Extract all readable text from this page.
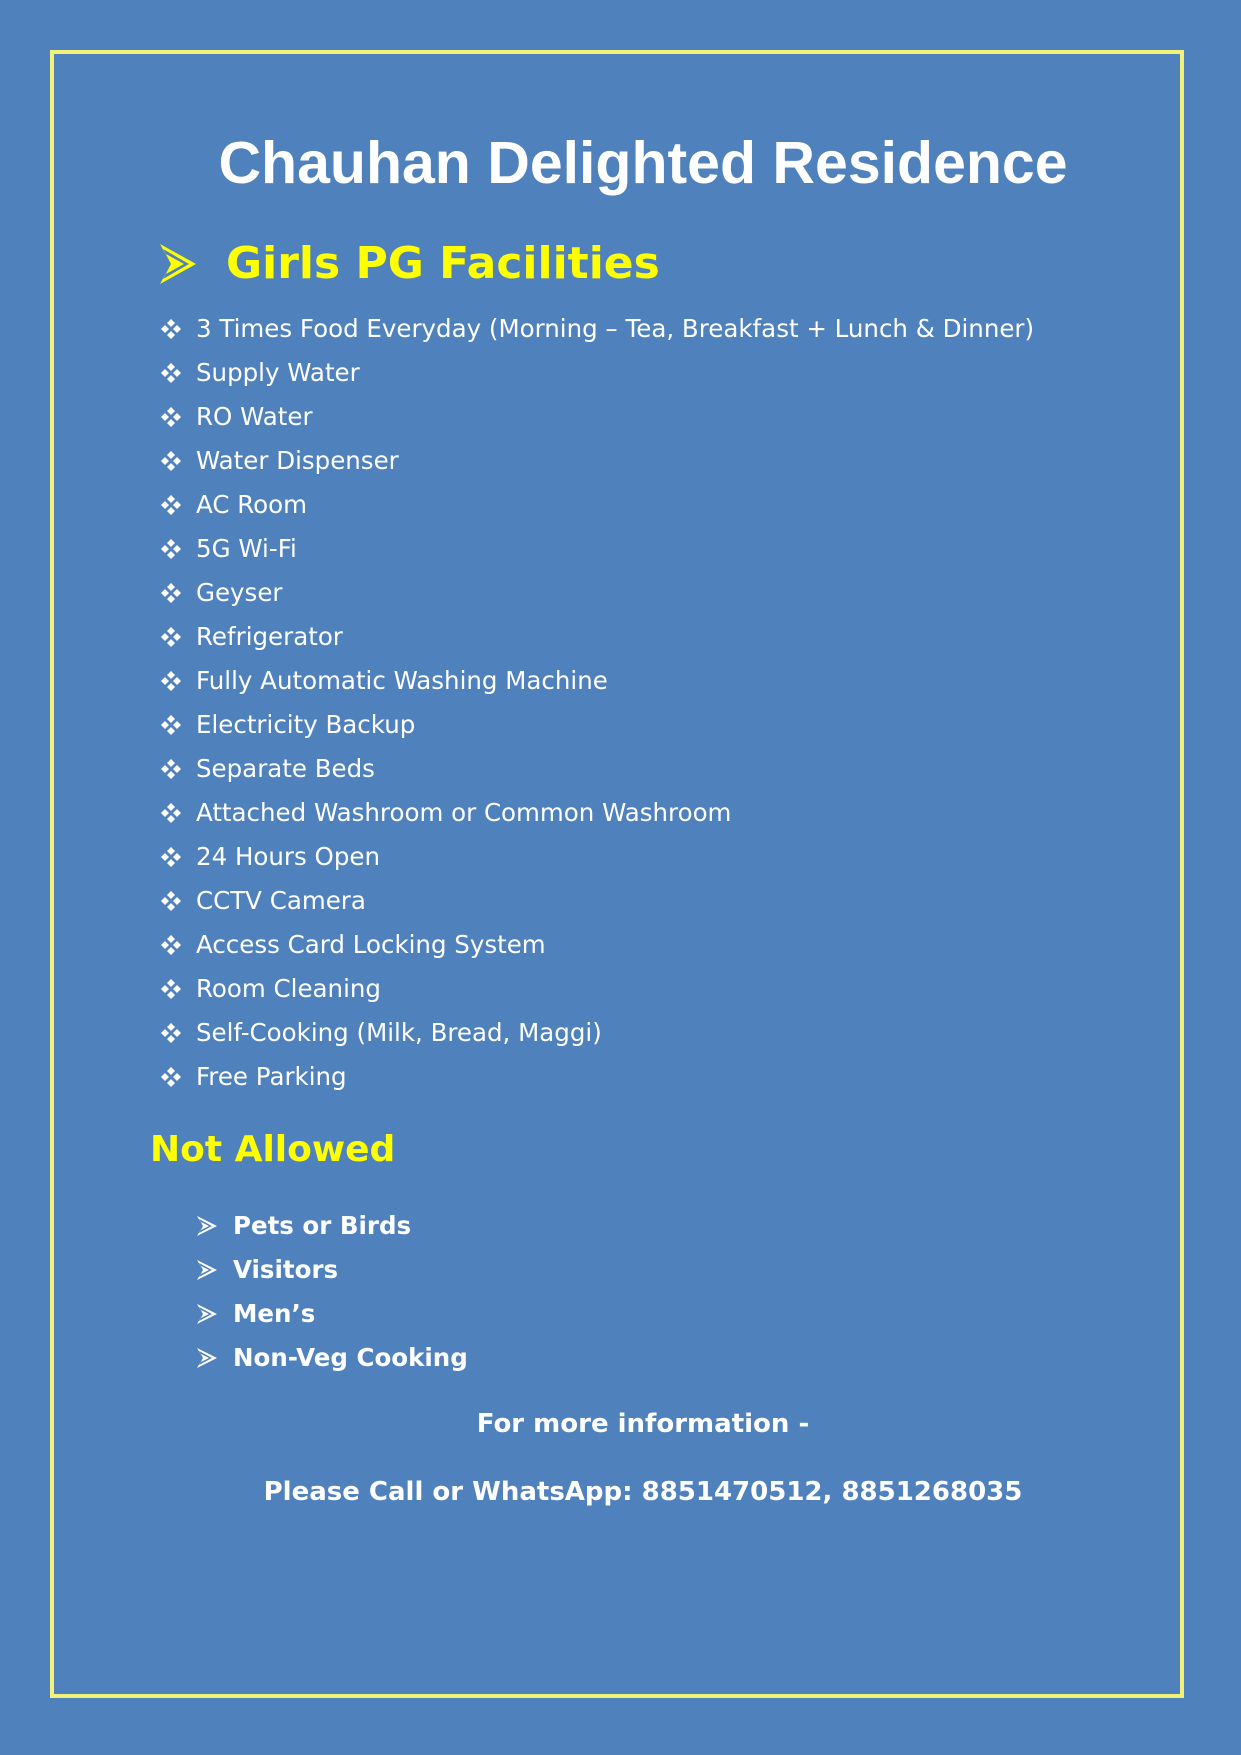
Chauhan Delighted Residence
Girls PG Facilities
3 Times Food Everyday (Morning – Tea, Breakfast + Lunch & Dinner)
Supply Water
RO Water
Water Dispenser
AC Room
5G Wi-Fi
Geyser
Refrigerator
Fully Automatic Washing Machine
Electricity Backup
Separate Beds
Attached Washroom or Common Washroom
24 Hours Open
CCTV Camera
Access Card Locking System
Room Cleaning
Self-Cooking (Milk, Bread, Maggi)
Free Parking
Not Allowed
Pets or Birds
Visitors
Men’s
Non-Veg Cooking
For more information -
Please Call or WhatsApp: 8851470512, 8851268035
